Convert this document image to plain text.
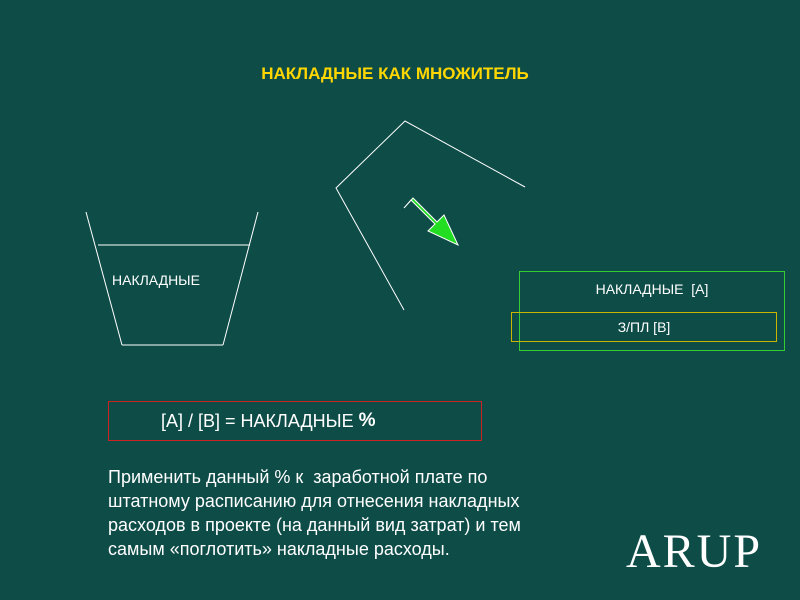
НАКЛАДНЫЕ КАК МНОЖИТЕЛЬ
НАКЛАДНЫЕ
НАКЛАДНЫЕ  [А]
З/ПЛ [В]
[А] / [В] = НАКЛАДНЫЕ %
Применить данный % к  заработной плате по
штатному расписанию для отнесения накладных
расходов в проекте (на данный вид затрат) и тем
самым «поглотить» накладные расходы.	ARUP
